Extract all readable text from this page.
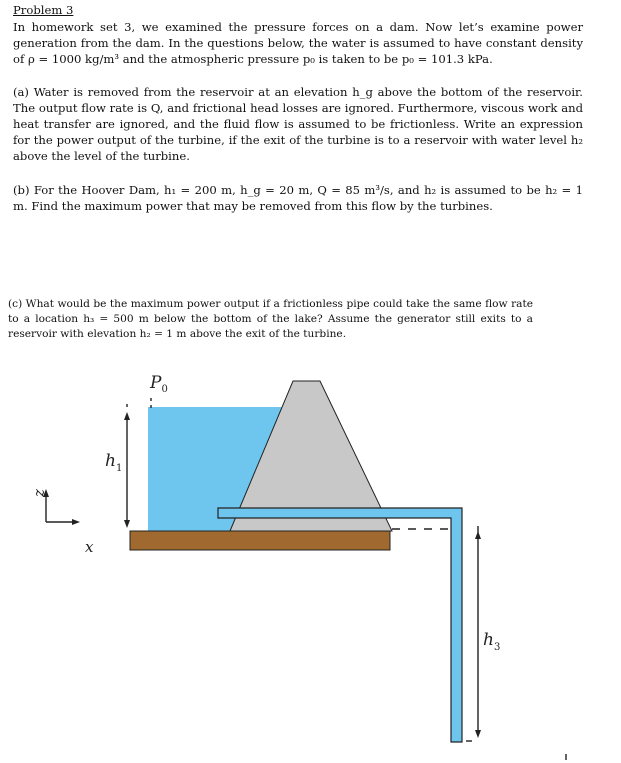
Problem 3

In homework set 3, we examined the pressure forces on a dam. Now let’s examine power generation from the dam. In the questions below, the water is assumed to have constant density of ρ = 1000 kg/m³ and the atmospheric pressure p₀ is taken to be p₀ = 101.3 kPa.

(a) Water is removed from the reservoir at an elevation h_g above the bottom of the reservoir. The output flow rate is Q, and frictional head losses are ignored. Furthermore, viscous work and heat transfer are ignored, and the fluid flow is assumed to be frictionless. Write an expression for the power output of the turbine, if the exit of the turbine is to a reservoir with water level h₂ above the level of the turbine.

(b) For the Hoover Dam, h₁ = 200 m, h_g = 20 m, Q = 85 m³/s, and h₂ is assumed to be h₂ = 1 m. Find the maximum power that may be removed from this flow by the turbines.

(c) What would be the maximum power output if a frictionless pipe could take the same flow rate to a location h₃ = 500 m below the bottom of the lake? Assume the generator still exits to a reservoir with elevation h₂ = 1 m above the exit of the turbine.

$P_0$
$h_1$
$h_3$
z
x
